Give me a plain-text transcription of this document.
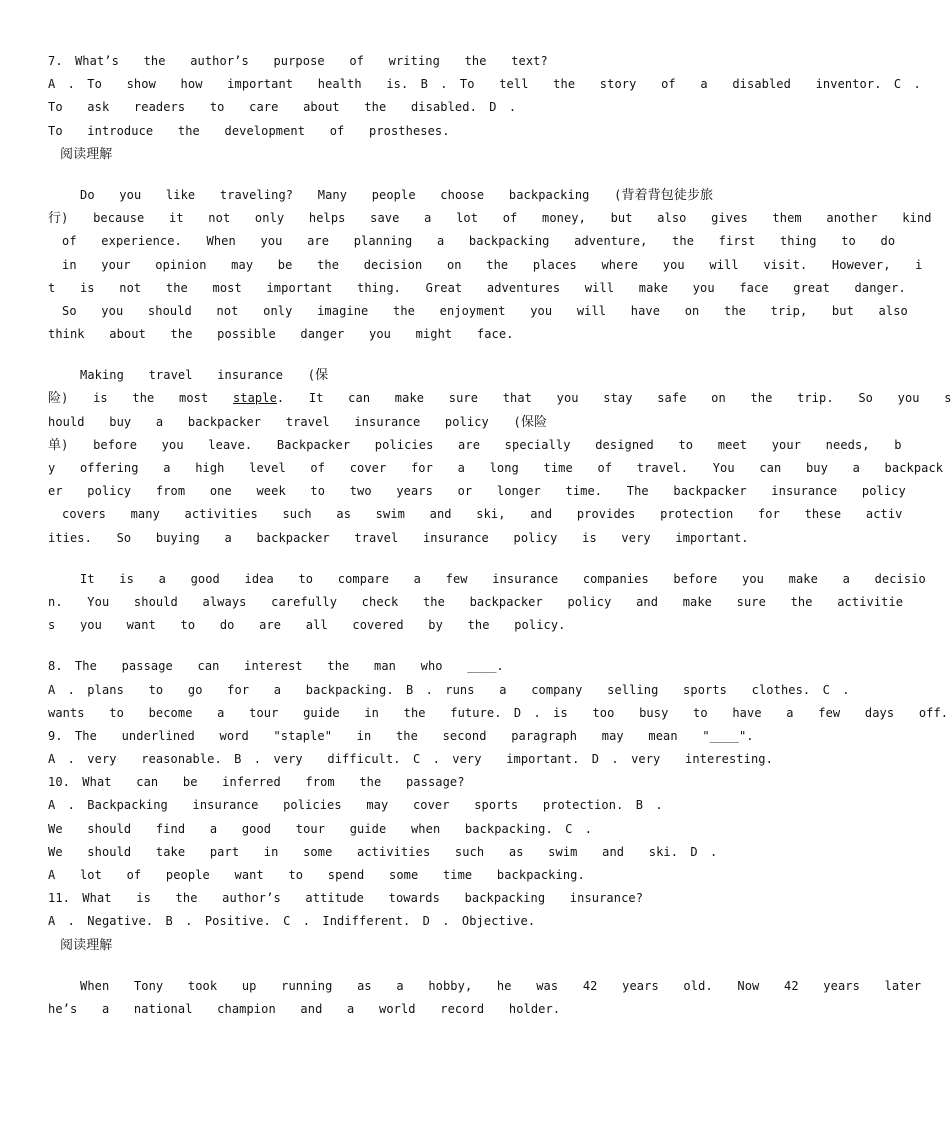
7. What’s  the  author’s  purpose  of  writing  the  text?
A . To  show  how  important  health  is. B . To  tell  the  story  of  a  disabled  inventor. C .
To  ask  readers  to  care  about  the  disabled. D .
To  introduce  the  development  of  prostheses.
阅读理解
Do  you  like  traveling?  Many  people  choose  backpacking  (背着背包徒步旅
行)  because  it  not  only  helps  save  a  lot  of  money,  but  also  gives  them  another  kind
of  experience.  When  you  are  planning  a  backpacking  adventure,  the  first  thing  to  do
in  your  opinion  may  be  the  decision  on  the  places  where  you  will  visit.  However,  i
t  is  not  the  most  important  thing.  Great  adventures  will  make  you  face  great  danger.
So  you  should  not  only  imagine  the  enjoyment  you  will  have  on  the  trip,  but  also
think  about  the  possible  danger  you  might  face.
Making  travel  insurance  (保
险)  is  the  most  staple.  It  can  make  sure  that  you  stay  safe  on  the  trip.  So  you  s
hould  buy  a  backpacker  travel  insurance  policy  (保险
单)  before  you  leave.  Backpacker  policies  are  specially  designed  to  meet  your  needs,  b
y  offering  a  high  level  of  cover  for  a  long  time  of  travel.  You  can  buy  a  backpack
er  policy  from  one  week  to  two  years  or  longer  time.  The  backpacker  insurance  policy
covers  many  activities  such  as  swim  and  ski,  and  provides  protection  for  these  activ
ities.  So  buying  a  backpacker  travel  insurance  policy  is  very  important.
It  is  a  good  idea  to  compare  a  few  insurance  companies  before  you  make  a  decisio
n.  You  should  always  carefully  check  the  backpacker  policy  and  make  sure  the  activitie
s  you  want  to  do  are  all  covered  by  the  policy.
8. The  passage  can  interest  the  man  who  ____.
A . plans  to  go  for  a  backpacking. B . runs  a  company  selling  sports  clothes. C .
wants  to  become  a  tour  guide  in  the  future. D . is  too  busy  to  have  a  few  days  off.
9. The  underlined  word  "staple"  in  the  second  paragraph  may  mean  "____".
A . very  reasonable. B . very  difficult. C . very  important. D . very  interesting.
10. What  can  be  inferred  from  the  passage?
A . Backpacking  insurance  policies  may  cover  sports  protection. B .
We  should  find  a  good  tour  guide  when  backpacking. C .
We  should  take  part  in  some  activities  such  as  swim  and  ski. D .
A  lot  of  people  want  to  spend  some  time  backpacking.
11. What  is  the  author’s  attitude  towards  backpacking  insurance?
A . Negative. B . Positive. C . Indifferent. D . Objective.
阅读理解
When  Tony  took  up  running  as  a  hobby,  he  was  42  years  old.  Now  42  years  later
he’s  a  national  champion  and  a  world  record  holder.
